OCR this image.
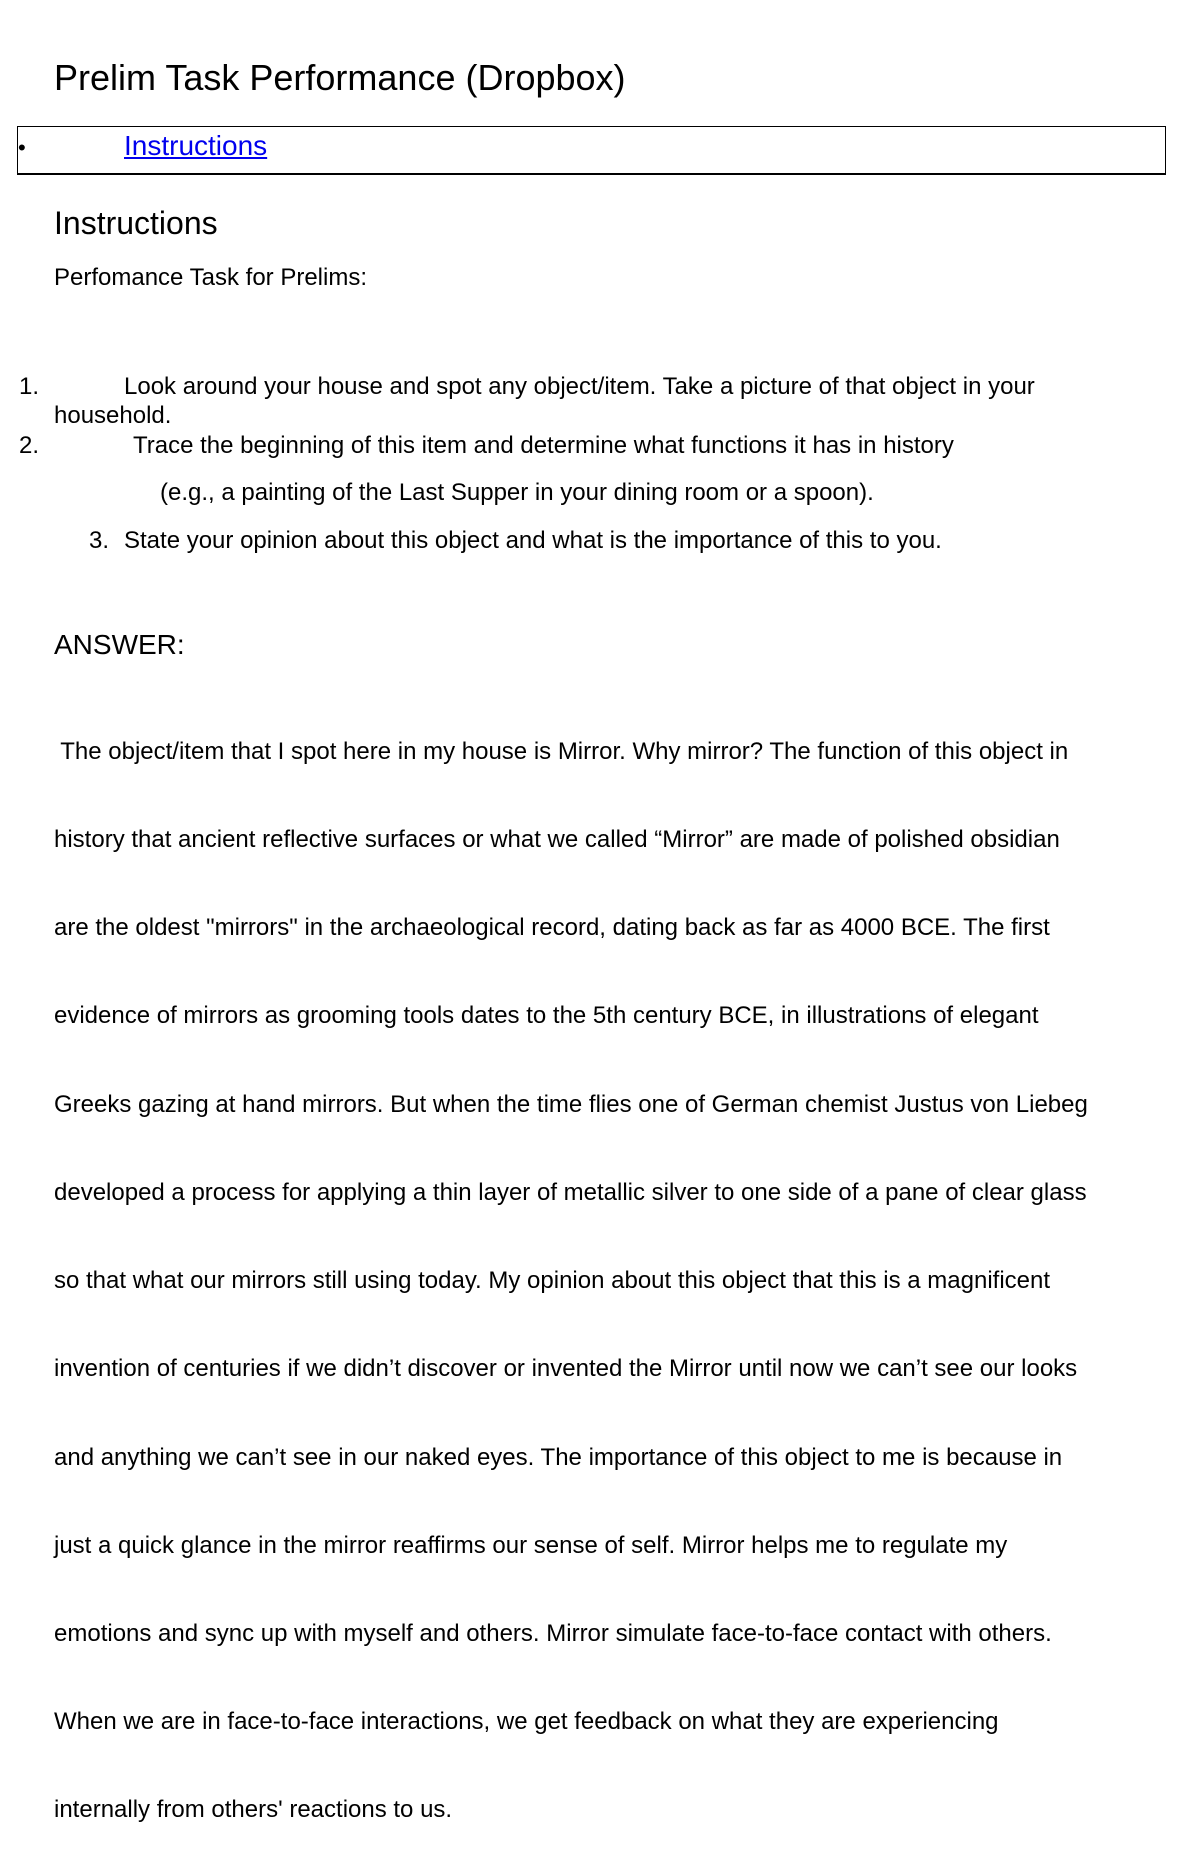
Prelim Task Performance (Dropbox)
•	Instructions
Instructions

Perfomance Task for Prelims:

1.	Look around your house and spot any object/item. Take a picture of that object in your

household.

2.	Trace the beginning of this item and determine what functions it has in history

(e.g., a painting of the Last Supper in your dining room or a spoon).

3. State your opinion about this object and what is the importance of this to you.

ANSWER:

The object/item that I spot here in my house is Mirror. Why mirror? The function of this object in

history that ancient reflective surfaces or what we called “Mirror” are made of polished obsidian

are the oldest "mirrors" in the archaeological record, dating back as far as 4000 BCE. The first

evidence of mirrors as grooming tools dates to the 5th century BCE, in illustrations of elegant

Greeks gazing at hand mirrors. But when the time flies one of German chemist Justus von Liebeg

developed a process for applying a thin layer of metallic silver to one side of a pane of clear glass

so that what our mirrors still using today. My opinion about this object that this is a magnificent

invention of centuries if we didn’t discover or invented the Mirror until now we can’t see our looks

and anything we can’t see in our naked eyes. The importance of this object to me is because in

just a quick glance in the mirror reaffirms our sense of self. Mirror helps me to regulate my

emotions and sync up with myself and others. Mirror simulate face-to-face contact with others.

When we are in face-to-face interactions, we get feedback on what they are experiencing

internally from others' reactions to us.
